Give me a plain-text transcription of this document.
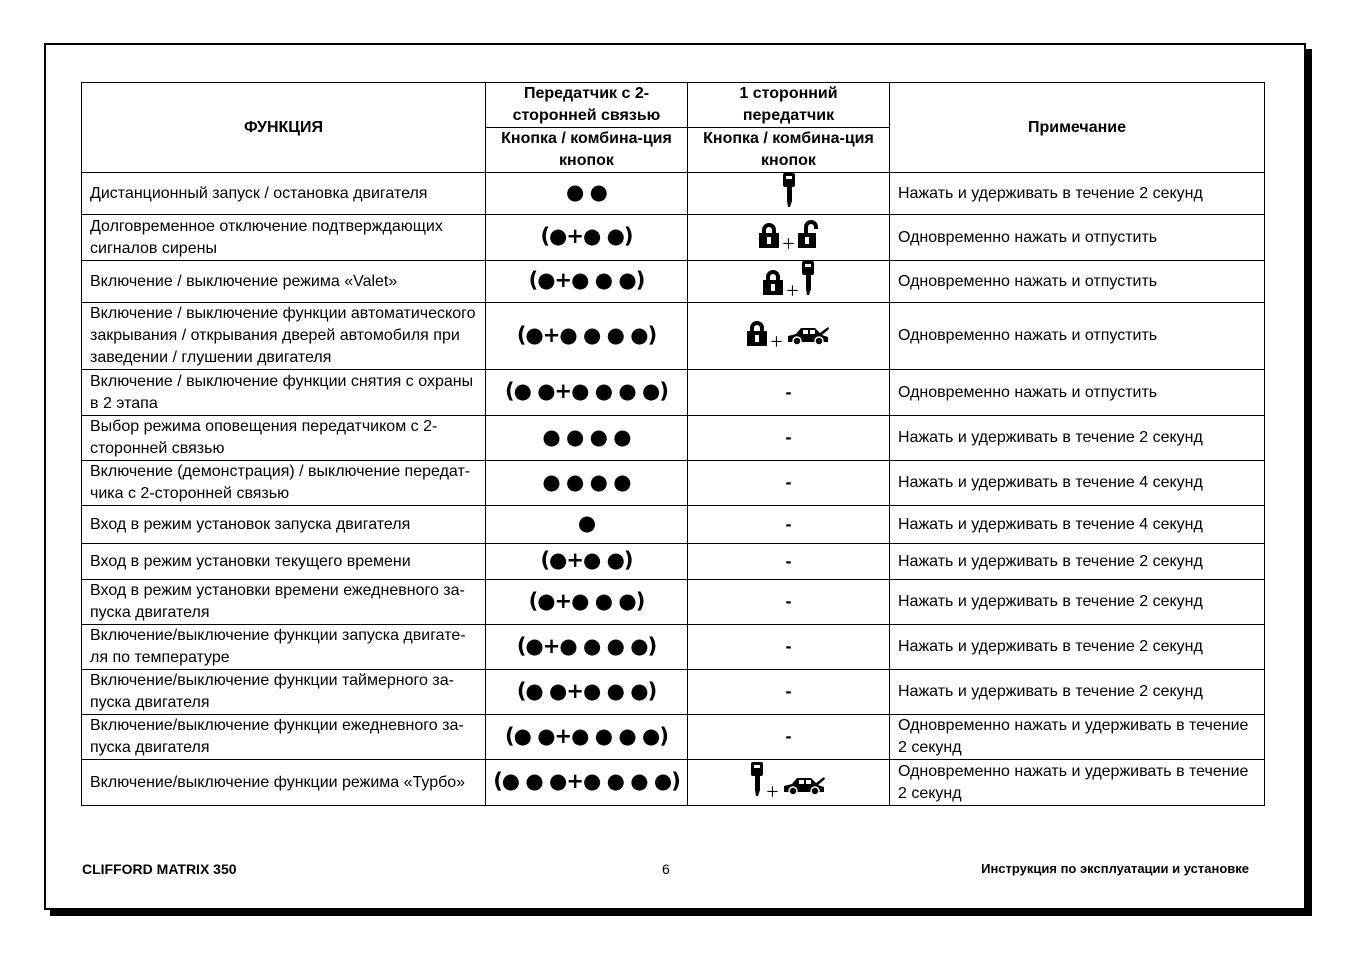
ФУНКЦИЯ	Передатчик с 2-сторонней связью	1 сторонний передатчик	Примечание
	Кнопка / комбина-ция кнопок	Кнопка / комбина-ция кнопок	
Дистанционный запуск / остановка двигателя	● ●		Нажать и удерживать в течение 2 секунд
Долговременное отключение подтверждающих сигналов сирены	(●+● ●)	+	Одновременно нажать и отпустить
Включение / выключение режима «Valet»	(●+● ● ●)	+	Одновременно нажать и отпустить
Включение / выключение функции автоматического закрывания / открывания дверей автомобиля при заведении / глушении двигателя	(●+● ● ● ●)	+	Одновременно нажать и отпустить
Включение / выключение функции снятия с охраны в 2 этапа	(● ●+● ● ● ●)	-	Одновременно нажать и отпустить
Выбор режима оповещения передатчиком с 2-сторонней связью	● ● ● ●	-	Нажать и удерживать в течение 2 секунд
Включение (демонстрация) / выключение передат-чика с 2-сторонней связью	● ● ● ●	-	Нажать и удерживать в течение 4 секунд
Вход в режим установок запуска двигателя	●	-	Нажать и удерживать в течение 4 секунд
Вход в режим установки текущего времени	(●+● ●)	-	Нажать и удерживать в течение 2 секунд
Вход в режим установки времени ежедневного за-пуска двигателя	(●+● ● ●)	-	Нажать и удерживать в течение 2 секунд
Включение/выключение функции запуска двигате-ля по температуре	(●+● ● ● ●)	-	Нажать и удерживать в течение 2 секунд
Включение/выключение функции таймерного за-пуска двигателя	(● ●+● ● ●)	-	Нажать и удерживать в течение 2 секунд
Включение/выключение функции ежедневного за-пуска двигателя	(● ●+● ● ● ●)	-	Одновременно нажать и удерживать в течение 2 секунд
Включение/выключение функции режима «Турбо»	(● ● ●+● ● ● ●)	+	Одновременно нажать и удерживать в течение 2 секунд
CLIFFORD MATRIX 350	6	Инструкция по эксплуатации и установке
